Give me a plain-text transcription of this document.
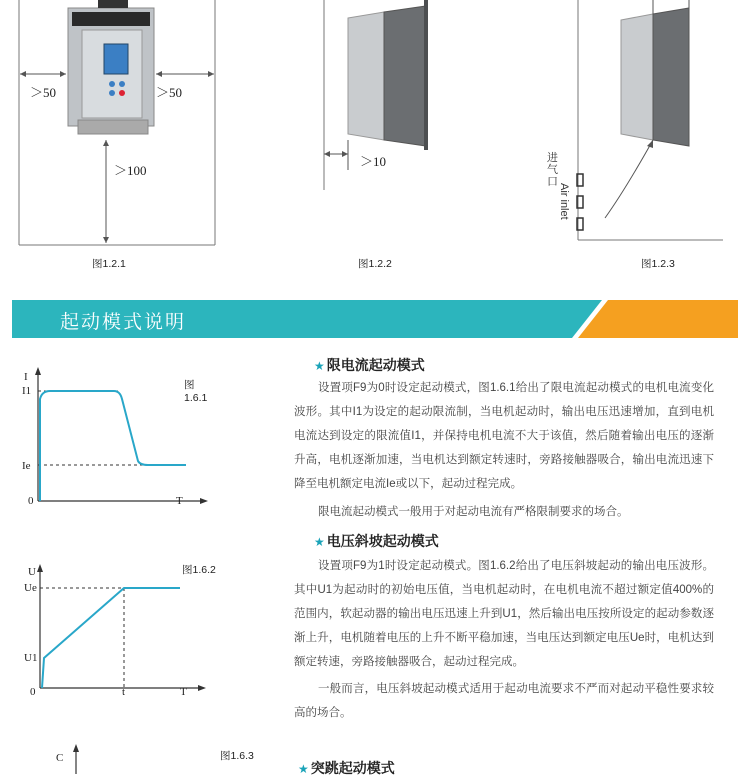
＞50	＞50
＞100
图1.2.1
＞10
图1.2.2
进气口
Air inlet
图1.2.3
起动模式说明
I
I1
Ie
0	T
图 1.6.1
U
Ue
U1
0	t	T
图1.6.2
C	图1.6.3
★ 限电流起动模式
设置项F9为0时设定起动模式，图1.6.1给出了限电流起动模式的电机电流变化波形。其中I1为设定的起动限流制，当电机起动时，输出电压迅速增加，直到电机电流达到设定的限流值I1，并保持电机电流不大于该值，然后随着输出电压的逐渐升高，电机逐渐加速，当电机达到额定转速时，旁路接触器吸合，输出电流迅速下降至电机额定电流Ie或以下，起动过程完成。
限电流起动模式一般用于对起动电流有严格限制要求的场合。
★ 电压斜坡起动模式
设置项F9为1时设定起动模式。图1.6.2给出了电压斜坡起动的输出电压波形。其中U1为起动时的初始电压值，当电机起动时，在电机电流不超过额定值400%的范围内，软起动器的输出电压迅速上升到U1，然后输出电压按所设定的起动参数逐渐上升，电机随着电压的上升不断平稳加速，当电压达到额定电压Ue时，电机达到额定转速，旁路接触器吸合，起动过程完成。
一般而言，电压斜坡起动模式适用于起动电流要求不严而对起动平稳性要求较高的场合。
★ 突跳起动模式
